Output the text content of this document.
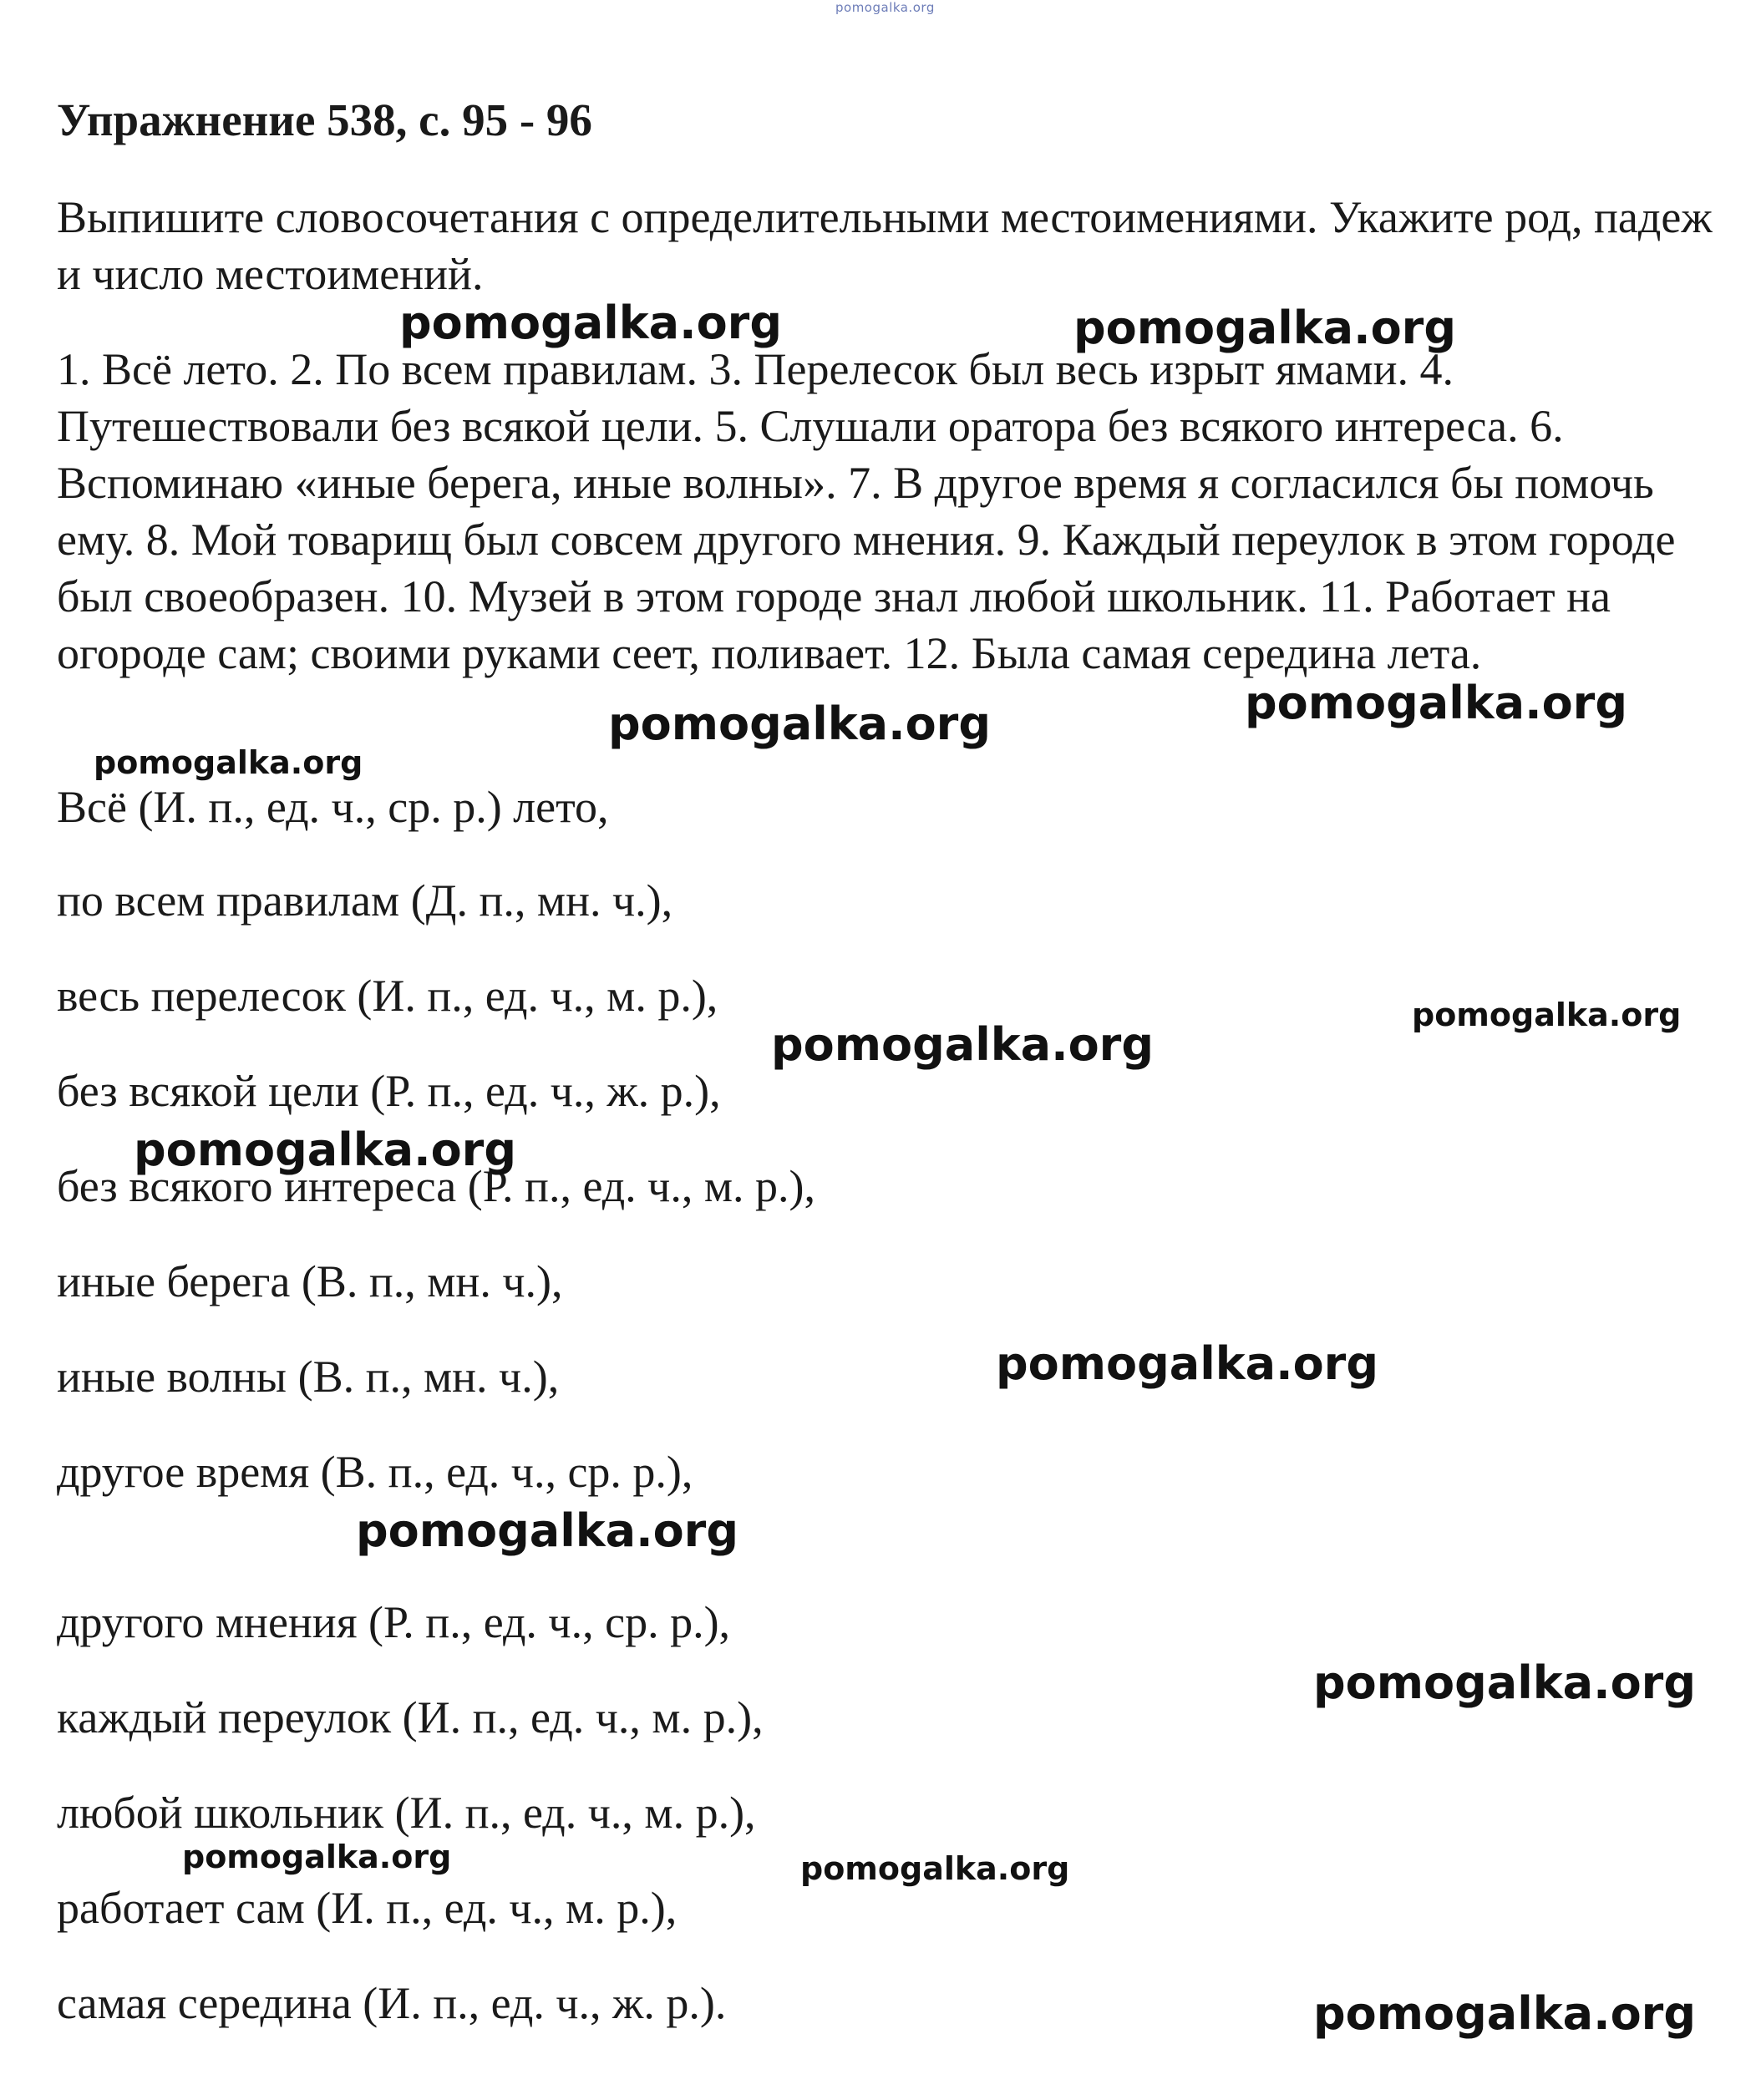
pomogalka.org
Упражнение 538, с. 95 - 96

Выпишите словосочетания с определительными местоимениями. Укажите род, падеж и число местоимений.

1. Всё лето. 2. По всем правилам. 3. Перелесок был весь изрыт ямами. 4. Путешествовали без всякой цели. 5. Слушали оратора без всякого интереса. 6. Вспоминаю «иные берега, иные волны». 7. В другое время я согласился бы помочь ему. 8. Мой товарищ был совсем другого мнения. 9. Каждый переулок в этом городе был своеобразен. 10. Музей в этом городе знал любой школьник. 11. Работает на огороде сам; своими руками сеет, поливает. 12. Была самая середина лета.

Всё (И. п., ед. ч., ср. р.) лето,

по всем правилам (Д. п., мн. ч.),

весь перелесок (И. п., ед. ч., м. р.),

без всякой цели (Р. п., ед. ч., ж. р.),

без всякого интереса (Р. п., ед. ч., м. р.),

иные берега (В. п., мн. ч.),

иные волны (В. п., мн. ч.),

другое время (В. п., ед. ч., ср. р.),

другого мнения (Р. п., ед. ч., ср. р.),

каждый переулок (И. п., ед. ч., м. р.),

любой школьник (И. п., ед. ч., м. р.),

работает сам (И. п., ед. ч., м. р.),

самая середина (И. п., ед. ч., ж. р.).

pomogalka.org	pomogalka.org
pomogalka.org	pomogalka.org
pomogalka.org
pomogalka.org
pomogalka.org
pomogalka.org
pomogalka.org
pomogalka.org
pomogalka.org
pomogalka.org	pomogalka.org
pomogalka.org
